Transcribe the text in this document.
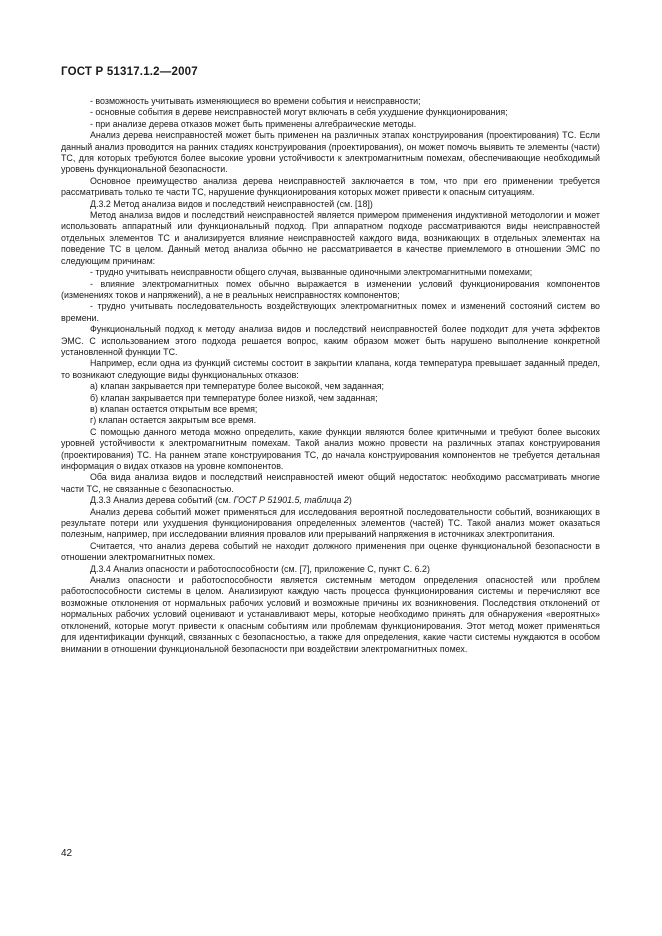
ГОСТ Р 51317.1.2—2007

- возможность учитывать изменяющиеся во времени события и неисправности;

- основные события в дереве неисправностей могут включать в себя ухудшение функционирования;

- при анализе дерева отказов может быть применены алгебраические методы.

Анализ дерева неисправностей может быть применен на различных этапах конструирования (проектирования) ТС. Если данный анализ проводится на ранних стадиях конструирования (проектирования), он может помочь выявить те элементы (части) ТС, для которых требуются более высокие уровни устойчивости к электромагнитным помехам, обеспечивающие необходимый уровень функциональной безопасности.

Основное преимущество анализа дерева неисправностей заключается в том, что при его применении требуется рассматривать только те части ТС, нарушение функционирования которых может привести к опасным ситуациям.

Д.3.2 Метод анализа видов и последствий неисправностей (см. [18])

Метод анализа видов и последствий неисправностей является примером применения индуктивной методологии и может использовать аппаратный или функциональный подход. При аппаратном подходе рассматриваются виды неисправностей отдельных элементов ТС и анализируется влияние неисправностей каждого вида, возникающих в отдельных элементах на поведение ТС в целом. Данный метод анализа обычно не рассматривается в качестве приемлемого в отношении ЭМС по следующим причинам:

- трудно учитывать неисправности общего случая, вызванные одиночными электромагнитными помехами;

- влияние электромагнитных помех обычно выражается в изменении условий функционирования компонентов (изменениях токов и напряжений), а не в реальных неисправностях компонентов;

- трудно учитывать последовательность воздействующих электромагнитных помех и изменений состояний систем во времени.

Функциональный подход к методу анализа видов и последствий неисправностей более подходит для учета эффектов ЭМС. С использованием этого подхода решается вопрос, каким образом может быть нарушено выполнение конкретной установленной функции ТС.

Например, если одна из функций системы состоит в закрытии клапана, когда температура превышает заданный предел, то возникают следующие виды функциональных отказов:

а) клапан закрывается при температуре более высокой, чем заданная;

б) клапан закрывается при температуре более низкой, чем заданная;

в) клапан остается открытым все время;

г) клапан остается закрытым все время.

С помощью данного метода можно определить, какие функции являются более критичными и требуют более высоких уровней устойчивости к электромагнитным помехам. Такой анализ можно провести на различных этапах конструирования (проектирования) ТС. На раннем этапе конструирования ТС, до начала конструирования компонентов не требуется детальная информация о видах отказов на уровне компонентов.

Оба вида анализа видов и последствий неисправностей имеют общий недостаток: необходимо рассматривать многие части ТС, не связанные с безопасностью.

Д.3.3 Анализ дерева событий (см. ГОСТ Р 51901.5, таблица 2)

Анализ дерева событий может применяться для исследования вероятной последовательности событий, возникающих в результате потери или ухудшения функционирования определенных элементов (частей) ТС. Такой анализ может оказаться полезным, например, при исследовании влияния провалов или прерываний напряжения в источниках электропитания.

Считается, что анализ дерева событий не находит должного применения при оценке функциональной безопасности в отношении электромагнитных помех.

Д.3.4 Анализ опасности и работоспособности (см. [7], приложение С, пункт С. 6.2)

Анализ опасности и работоспособности является системным методом определения опасностей или проблем работоспособности системы в целом. Анализируют каждую часть процесса функционирования системы и перечисляют все возможные отклонения от нормальных рабочих условий и возможные причины их возникновения. Последствия отклонений от нормальных рабочих условий оценивают и устанавливают меры, которые необходимо принять для обнаружения «вероятных» отклонений, которые могут привести к опасным событиям или проблемам функционирования. Этот метод может применяться для идентификации функций, связанных с безопасностью, а также для определения, какие части системы нуждаются в особом внимании в отношении функциональной безопасности при воздействии электромагнитных помех.

42
